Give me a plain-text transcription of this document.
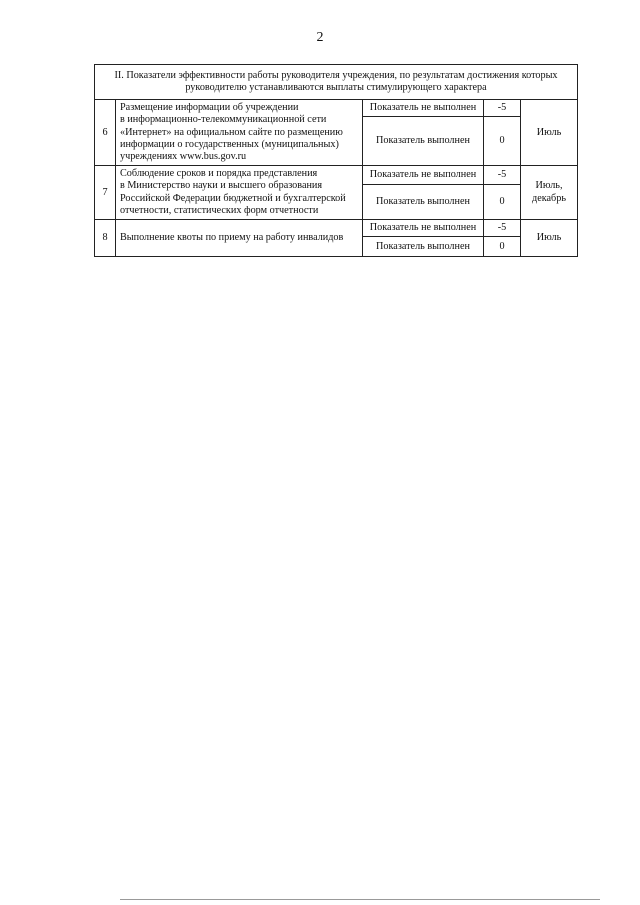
2
II. Показатели эффективности работы руководителя учреждения, по результатам достижения которых
руководителю устанавливаются выплаты стимулирующего характера				
6	Размещение информации об учреждении
в информационно-телекоммуникационной сети
«Интернет» на официальном сайте по размещению
информации о государственных (муниципальных)
учреждениях www.bus.gov.ru	Показатель не выполнен	-5	Июль
		Показатель выполнен	0	
7	Соблюдение сроков и порядка представления
в Министерство науки и высшего образования
Российской Федерации бюджетной и бухгалтерской
отчетности, статистических форм отчетности	Показатель не выполнен	-5	Июль,
декабрь
		Показатель выполнен	0	
8	Выполнение квоты по приему на работу инвалидов	Показатель не выполнен	-5	Июль
		Показатель выполнен	0	
